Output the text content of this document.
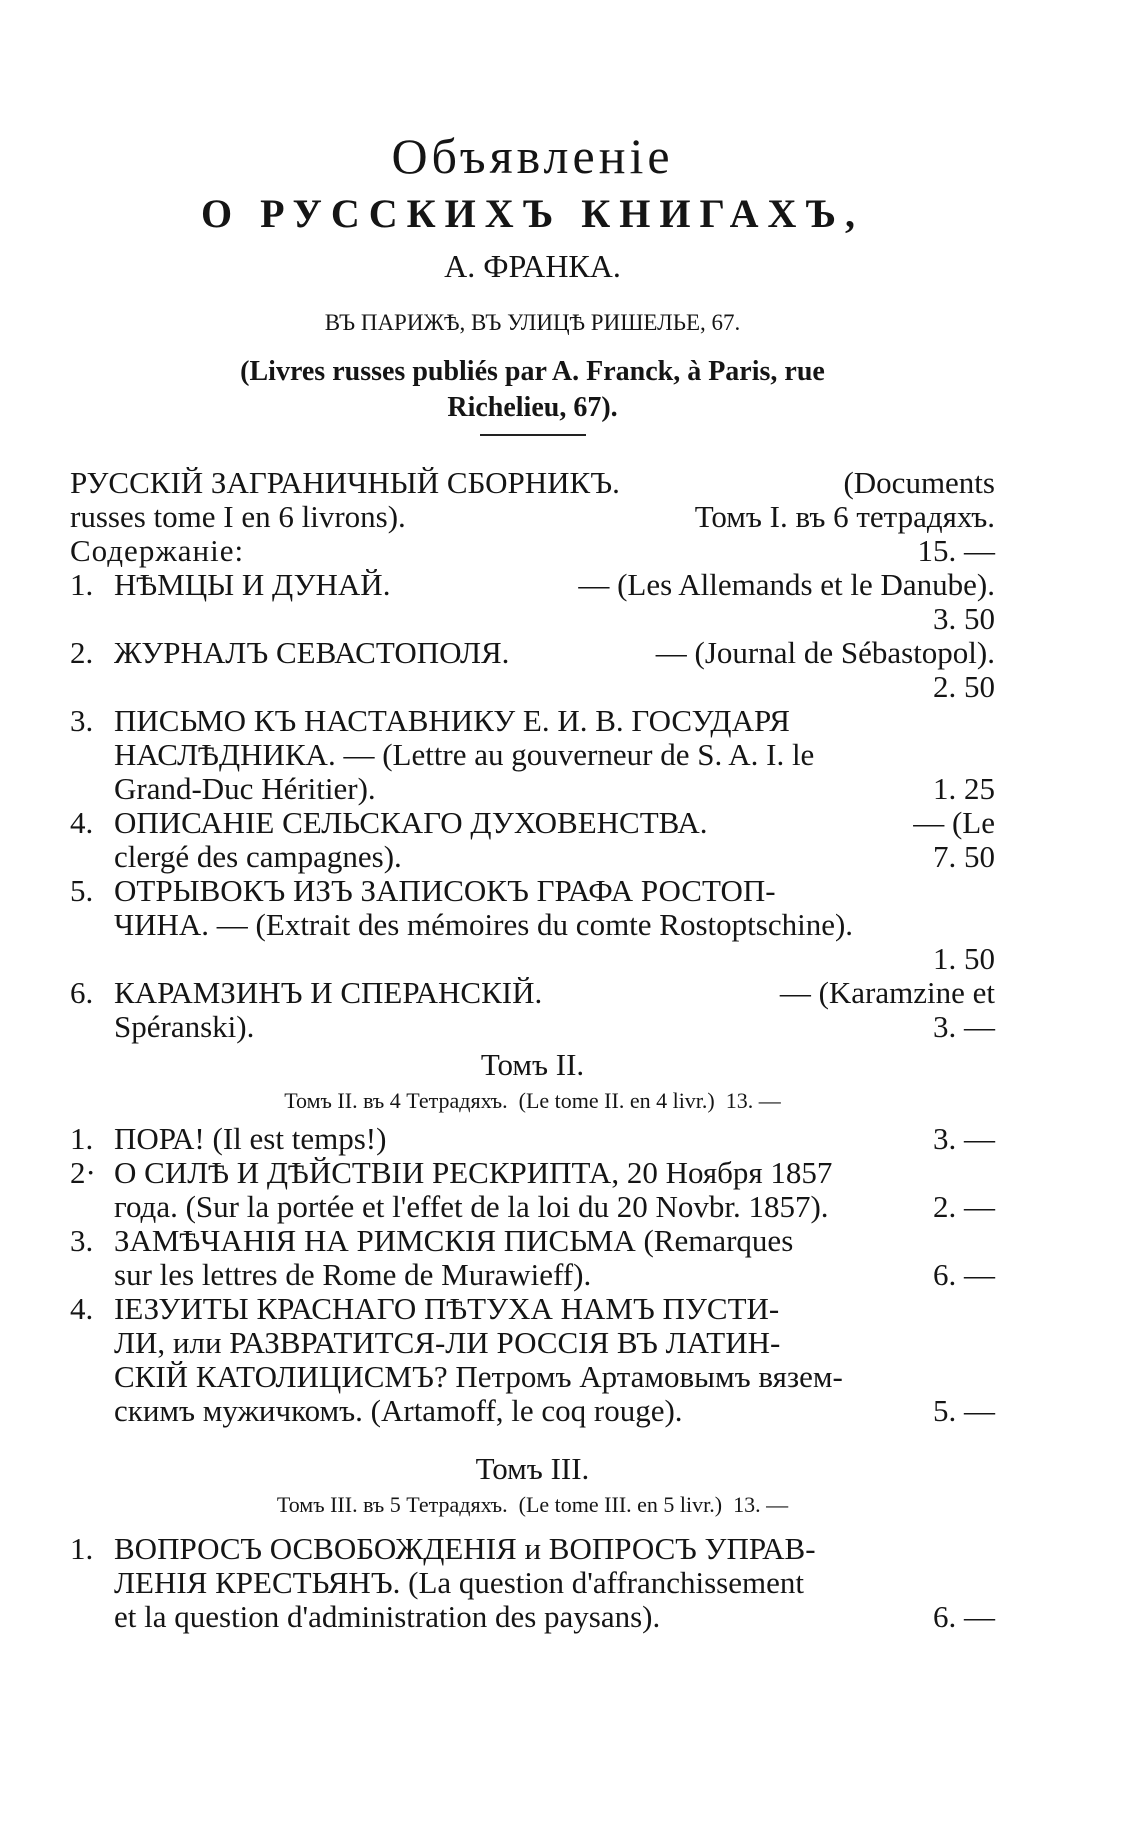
Объявленіе
О РУССКИХЪ КНИГАХЪ,
А. ФРАНКА.
ВЪ ПАРИЖѢ, ВЪ УЛИЦѢ РИШЕЛЬЕ, 67.
(Livres russes publiés par A. Franck, à Paris, rue
Richelieu, 67).
РУССКІЙ ЗАГРАНИЧНЫЙ СБОРНИКЪ.	(Documents
russes tome I en 6 livrons).	Томъ I. въ 6 тетрадяхъ.
Содержаніе:	15. —
1. НѢМЦЫ И ДУНАЙ.	— (Les Allemands et le Danube).
3. 50
2. ЖУРНАЛЪ СЕВАСТОПОЛЯ.	— (Journal de Sébastopol).
2. 50
3. ПИСЬМО КЪ НАСТАВНИКУ Е. И. В. ГОСУДАРЯ
НАСЛѢДНИКА. — (Lettre au gouverneur de S. A. I. le
Grand-Duc Héritier).	1. 25
4. ОПИСАНІЕ СЕЛЬСКАГО ДУХОВЕНСТВА.	— (Le
clergé des campagnes).	7. 50
5. ОТРЫВОКЪ ИЗЪ ЗАПИСОКЪ ГРАФА РОСТОП-
ЧИНА. — (Extrait des mémoires du comte Rostoptschine).
1. 50
6. КАРАМЗИНЪ И СПЕРАНСКІЙ.	— (Karamzine et
Spéranski).	3. —
Томъ II.
Томъ II. въ 4 Тетрадяхъ.  (Le tome II. en 4 livr.)  13. —
1. ПОРА! (Il est temps!)	3. —
2· О СИЛѢ И ДѢЙСТВІИ РЕСКРИПТА, 20 Ноября 1857
года. (Sur la portée et l'effet de la loi du 20 Novbr. 1857).	2. —
3. ЗАМѢЧАНІЯ НА РИМСКІЯ ПИСЬМА (Remarques
sur les lettres de Rome de Murawieff).	6. —
4. ІЕЗУИТЫ КРАСНАГО ПѢТУХА НАМЪ ПУСТИ-
ЛИ, или РАЗВРАТИТСЯ-ЛИ РОССІЯ ВЪ ЛАТИН-
СКІЙ КАТОЛИЦИСМЪ? Петромъ Артамовымъ вязем-
скимъ мужичкомъ. (Artamoff, le coq rouge).	5. —
Томъ III.
Томъ III. въ 5 Тетрадяхъ.  (Le tome III. en 5 livr.)  13. —
1. ВОПРОСЪ ОСВОБОЖДЕНІЯ и ВОПРОСЪ УПРАВ-
ЛЕНІЯ КРЕСТЬЯНЪ. (La question d'affranchissement
et la question d'administration des paysans).	6. —
